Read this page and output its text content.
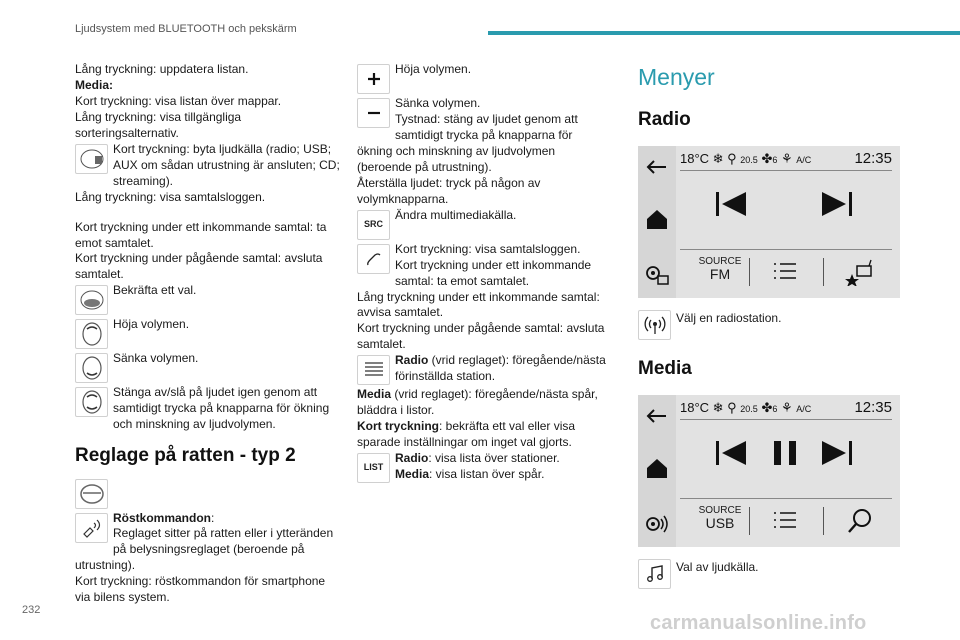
Ljudsystem med BLUETOOTH och pekskärm

Lång tryckning: uppdatera listan.

Media:

Kort tryckning: visa listan över mappar.

Lång tryckning: visa tillgängliga sorteringsalternativ.

Kort tryckning: byta ljudkälla (radio; USB; AUX om sådan utrustning är ansluten; CD; streaming).

Lång tryckning: visa samtalsloggen.

Kort tryckning under ett inkommande samtal: ta emot samtalet.

Kort tryckning under pågående samtal: avsluta samtalet.

Bekräfta ett val.

Höja volymen.

Sänka volymen.

Stänga av/slå på ljudet igen genom att samtidigt trycka på knapparna för ökning och minskning av ljudvolymen.

Reglage på ratten - typ 2

Röstkommandon:

Reglaget sitter på ratten eller i ytteränden på belysningsreglaget (beroende på utrustning).

Kort tryckning: röstkommandon för smartphone via bilens system.

Höja volymen.

Sänka volymen.

Tystnad: stäng av ljudet genom att samtidigt trycka på knapparna för ökning och minskning av ljudvolymen (beroende på utrustning).

Återställa ljudet: tryck på någon av volymknapparna.

SRC

Ändra multimediakälla.

Kort tryckning: visa samtalsloggen.

Kort tryckning under ett inkommande samtal: ta emot samtalet.

Lång tryckning under ett inkommande samtal: avvisa samtalet.

Kort tryckning under pågående samtal: avsluta samtalet.

Radio (vrid reglaget): föregående/nästa förinställda station.

Media (vrid reglaget): föregående/nästa spår, bläddra i listor.

Kort tryckning: bekräfta ett val eller visa sparade inställningar om inget val gjorts.

LIST

Radio: visa lista över stationer.

Media: visa listan över spår.

Menyer
Radio
18°C ❄ ⚲ 20.5 ✤6 ⚘ A/C	12:35
SOURCE
FM

Välj en radiostation.

Media
18°C ❄ ⚲ 20.5 ✤6 ⚘ A/C	12:35
SOURCE
USB

Val av ljudkälla.

232
carmanualsonline.info
